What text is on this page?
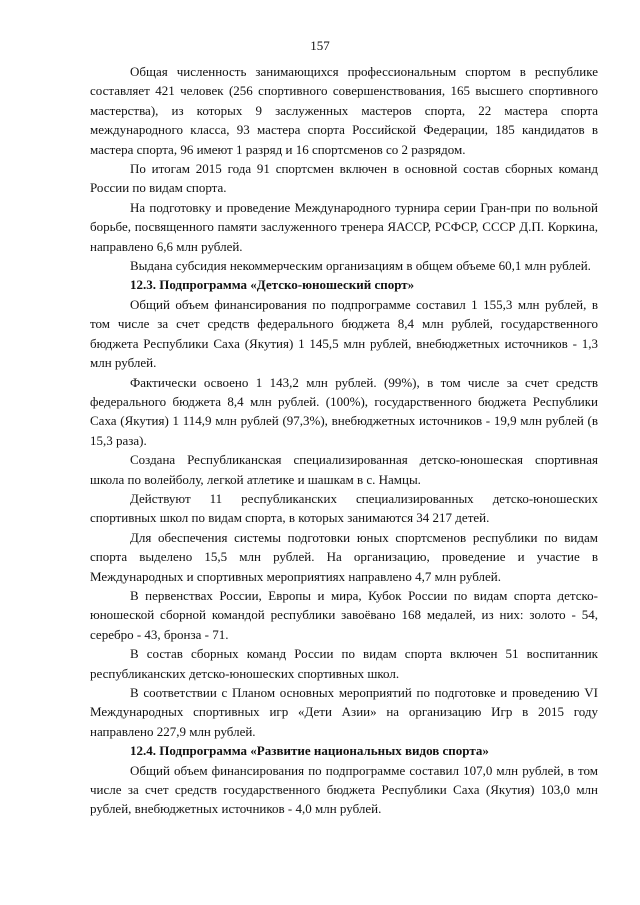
157

Общая численность занимающихся профессиональным спортом в республике составляет 421 человек (256 спортивного совершенствования, 165 высшего спортивного мастерства), из которых 9 заслуженных мастеров спорта, 22 мастера спорта международного класса, 93 мастера спорта Российской Федерации, 185 кандидатов в мастера спорта, 96 имеют 1 разряд и 16 спортсменов со 2 разрядом.

По итогам 2015 года 91 спортсмен включен в основной состав сборных команд России по видам спорта.

На подготовку и проведение Международного турнира серии Гран-при по вольной борьбе, посвященного памяти заслуженного тренера ЯАССР, РСФСР, СССР Д.П. Коркина, направлено 6,6 млн рублей.

Выдана субсидия некоммерческим организациям в общем объеме 60,1 млн рублей.

12.3. Подпрограмма «Детско-юношеский спорт»

Общий объем финансирования по подпрограмме составил 1 155,3 млн рублей, в том числе за счет средств федерального бюджета 8,4 млн рублей, государственного бюджета Республики Саха (Якутия) 1 145,5 млн рублей, внебюджетных источников - 1,3 млн рублей.

Фактически освоено 1 143,2 млн рублей. (99%), в том числе за счет средств федерального бюджета 8,4 млн рублей. (100%), государственного бюджета Республики Саха (Якутия) 1 114,9 млн рублей (97,3%), внебюджетных источников - 19,9 млн рублей (в 15,3 раза).

Создана Республиканская специализированная детско-юношеская спортивная школа по волейболу, легкой атлетике и шашкам в с. Намцы.

Действуют 11 республиканских специализированных детско-юношеских спортивных школ по видам спорта, в которых занимаются 34 217 детей.

Для обеспечения системы подготовки юных спортсменов республики по видам спорта выделено 15,5 млн рублей. На организацию, проведение и участие в Международных и спортивных мероприятиях направлено 4,7 млн рублей.

В первенствах России, Европы и мира, Кубок России по видам спорта детско-юношеской сборной командой республики завоёвано 168 медалей, из них: золото - 54, серебро - 43, бронза - 71.

В состав сборных команд России по видам спорта включен 51 воспитанник республиканских детско-юношеских спортивных школ.

В соответствии с Планом основных мероприятий по подготовке и проведению VI Международных спортивных игр «Дети Азии» на организацию Игр в 2015 году направлено 227,9 млн рублей.

12.4. Подпрограмма «Развитие национальных видов спорта»

Общий объем финансирования по подпрограмме составил 107,0 млн рублей, в том числе за счет средств государственного бюджета Республики Саха (Якутия) 103,0 млн рублей, внебюджетных источников - 4,0 млн рублей.
